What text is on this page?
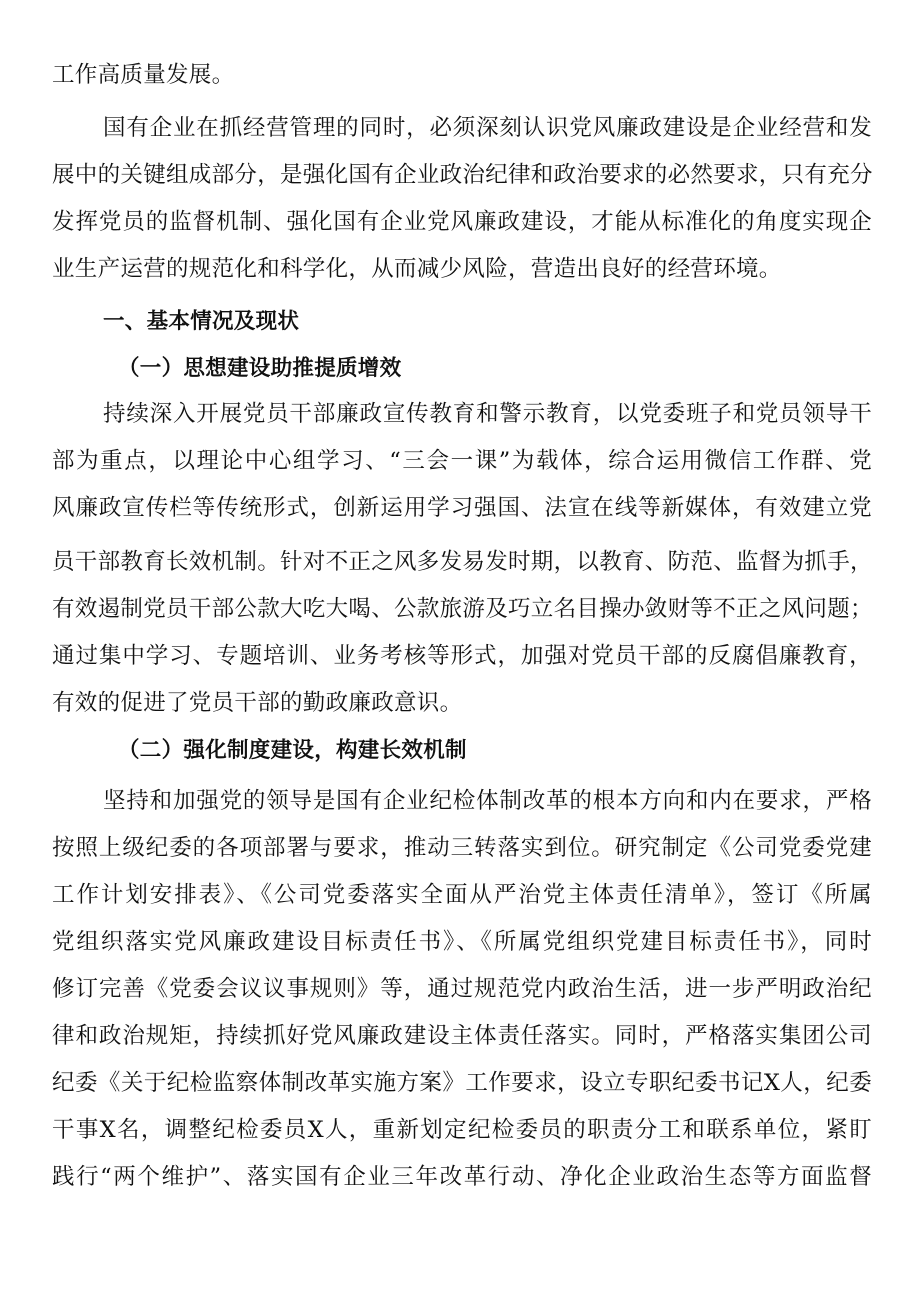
工作高质量发展。
国有企业在抓经营管理的同时，必须深刻认识党风廉政建设是企业经营和发
展中的关键组成部分，是强化国有企业政治纪律和政治要求的必然要求，只有充分
发挥党员的监督机制、强化国有企业党风廉政建设，才能从标准化的角度实现企
业生产运营的规范化和科学化，从而减少风险，营造出良好的经营环境。
一、基本情况及现状
（一）思想建设助推提质增效
持续深入开展党员干部廉政宣传教育和警示教育，以党委班子和党员领导干
部为重点，以理论中心组学习、“三会一课”为载体，综合运用微信工作群、党
风廉政宣传栏等传统形式，创新运用学习强国、法宣在线等新媒体，有效建立党
员干部教育长效机制。针对不正之风多发易发时期，以教育、防范、监督为抓手，
有效遏制党员干部公款大吃大喝、公款旅游及巧立名目操办敛财等不正之风问题；
通过集中学习、专题培训、业务考核等形式，加强对党员干部的反腐倡廉教育，
有效的促进了党员干部的勤政廉政意识。
（二）强化制度建设，构建长效机制
坚持和加强党的领导是国有企业纪检体制改革的根本方向和内在要求，严格
按照上级纪委的各项部署与要求，推动三转落实到位。研究制定《公司党委党建
工作计划安排表》、《公司党委落实全面从严治党主体责任清单》，签订《所属
党组织落实党风廉政建设目标责任书》、《所属党组织党建目标责任书》，同时
修订完善《党委会议议事规则》等，通过规范党内政治生活，进一步严明政治纪
律和政治规矩，持续抓好党风廉政建设主体责任落实。同时，严格落实集团公司
纪委《关于纪检监察体制改革实施方案》工作要求，设立专职纪委书记X人，纪委
干事X名，调整纪检委员X人，重新划定纪检委员的职责分工和联系单位，紧盯
践行“两个维护”、落实国有企业三年改革行动、净化企业政治生态等方面监督
